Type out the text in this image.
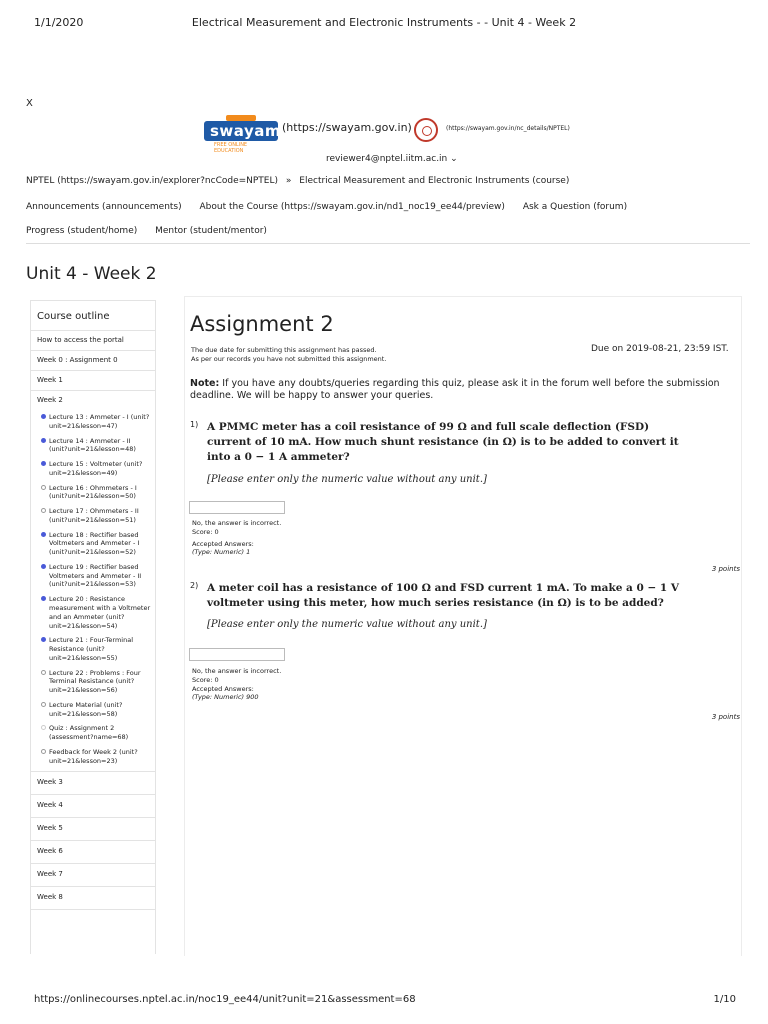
1/1/2020	Electrical Measurement and Electronic Instruments - - Unit 4 - Week 2
X
swayam
FREE ONLINE EDUCATION
(https://swayam.gov.in)	(https://swayam.gov.in/nc_details/NPTEL)
reviewer4@nptel.iitm.ac.in ⌄
NPTEL (https://swayam.gov.in/explorer?ncCode=NPTEL) » Electrical Measurement and Electronic Instruments (course)
Announcements (announcements) About the Course (https://swayam.gov.in/nd1_noc19_ee44/preview) Ask a Question (forum)
Progress (student/home) Mentor (student/mentor)
Unit 4 - Week 2
Course outline
How to access the portal
Week 0 : Assignment 0
Week 1
Week 2
Lecture 13 : Ammeter - I (unit?unit=21&lesson=47)
Lecture 14 : Ammeter - II (unit?unit=21&lesson=48)
Lecture 15 : Voltmeter (unit?unit=21&lesson=49)
Lecture 16 : Ohmmeters - I (unit?unit=21&lesson=50)
Lecture 17 : Ohmmeters - II (unit?unit=21&lesson=51)
Lecture 18 : Rectifier based Voltmeters and Ammeter - I (unit?unit=21&lesson=52)
Lecture 19 : Rectifier based Voltmeters and Ammeter - II (unit?unit=21&lesson=53)
Lecture 20 : Resistance measurement with a Voltmeter and an Ammeter (unit?unit=21&lesson=54)
Lecture 21 : Four-Terminal Resistance (unit?unit=21&lesson=55)
Lecture 22 : Problems : Four Terminal Resistance (unit?unit=21&lesson=56)
Lecture Material (unit?unit=21&lesson=58)
Quiz : Assignment 2 (assessment?name=68)
Feedback for Week 2 (unit?unit=21&lesson=23)
Week 3
Week 4
Week 5
Week 6
Week 7
Week 8
Assignment 2
The due date for submitting this assignment has passed.
As per our records you have not submitted this assignment.
Due on 2019-08-21, 23:59 IST.
Note: If you have any doubts/queries regarding this quiz, please ask it in the forum well before the submission deadline. We will be happy to answer your queries.
1) A PMMC meter has a coil resistance of 99 Ω and full scale deflection (FSD) current of 10 mA. How much shunt resistance (in Ω) is to be added to convert it into a 0 − 1 A ammeter?
[Please enter only the numeric value without any unit.]
No, the answer is incorrect.
Score: 0
Accepted Answers:
(Type: Numeric) 1
3 points
2) A meter coil has a resistance of 100 Ω and FSD current 1 mA. To make a 0 − 1 V voltmeter using this meter, how much series resistance (in Ω) is to be added?
[Please enter only the numeric value without any unit.]
No, the answer is incorrect.
Score: 0
Accepted Answers:
(Type: Numeric) 900
3 points
https://onlinecourses.nptel.ac.in/noc19_ee44/unit?unit=21&assessment=68	1/10
